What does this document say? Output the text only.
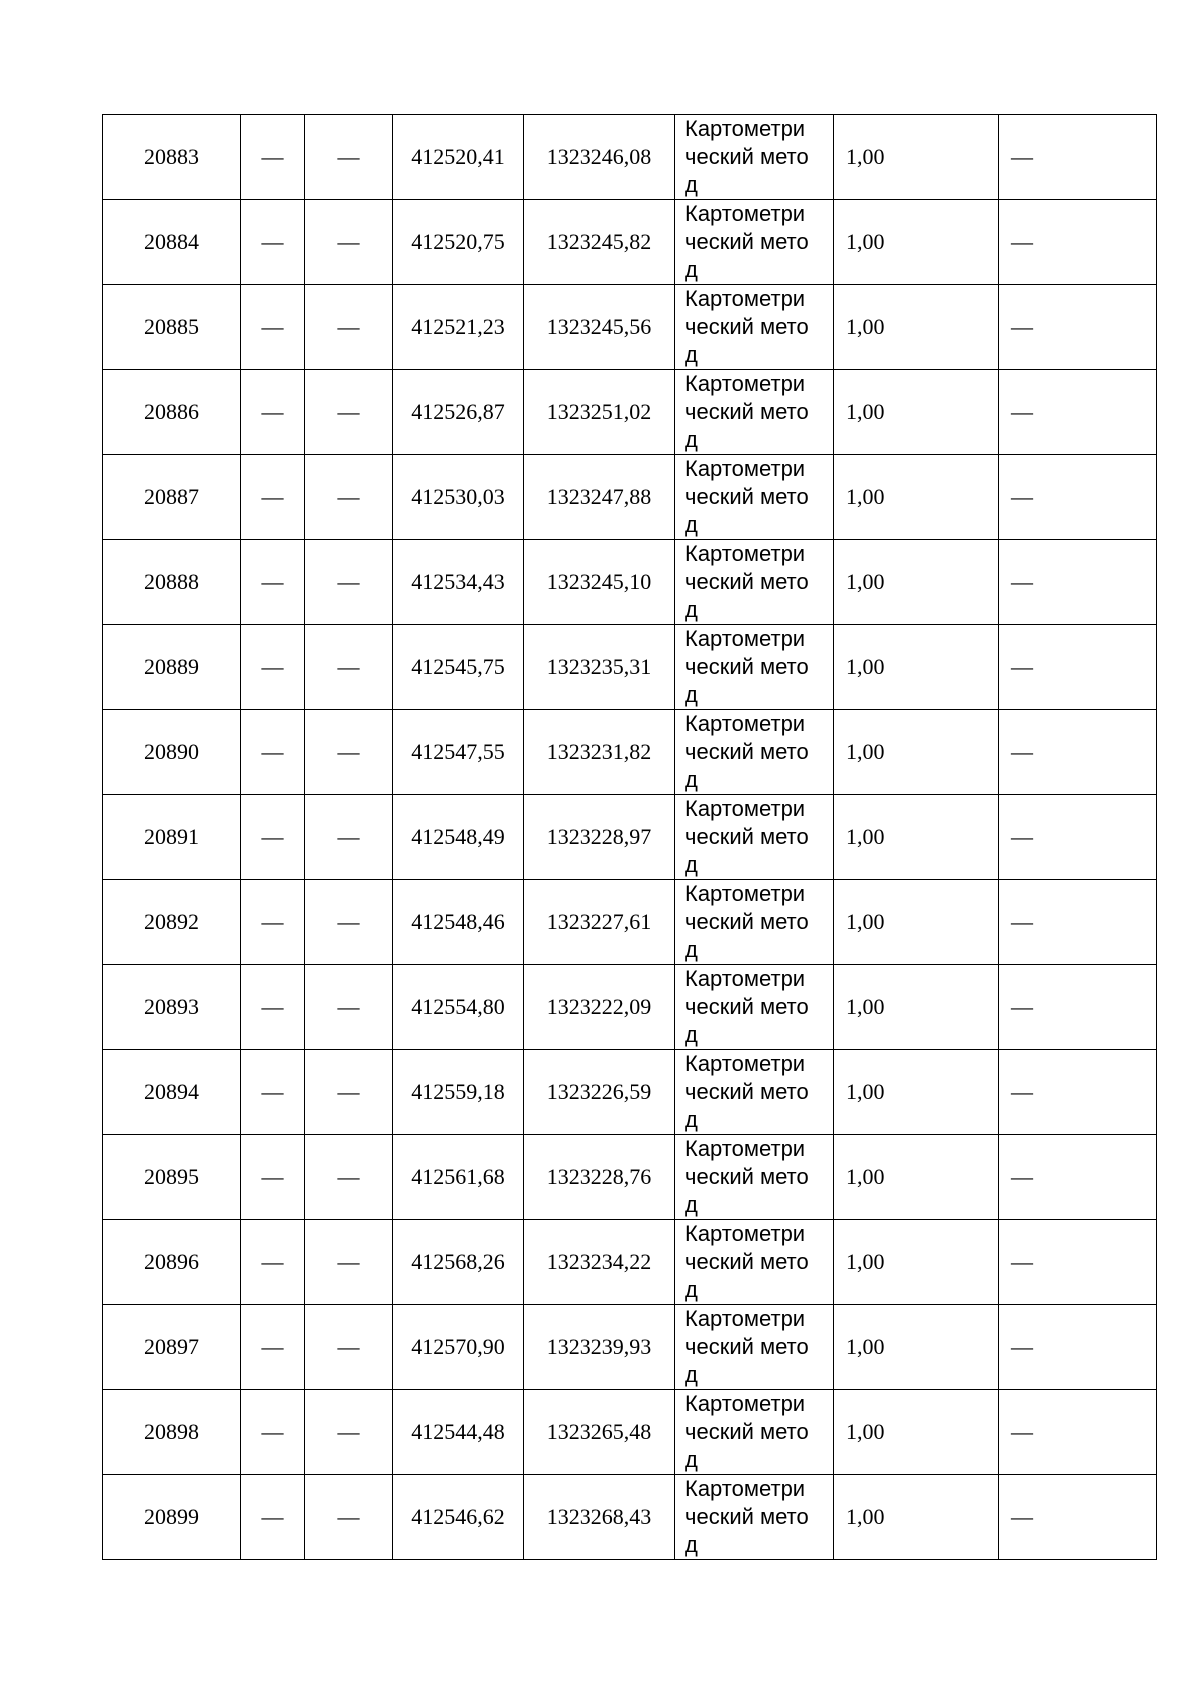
20883	—	—	412520,41	1323246,08	Картометрический метод	1,00	—
20884	—	—	412520,75	1323245,82	Картометрический метод	1,00	—
20885	—	—	412521,23	1323245,56	Картометрический метод	1,00	—
20886	—	—	412526,87	1323251,02	Картометрический метод	1,00	—
20887	—	—	412530,03	1323247,88	Картометрический метод	1,00	—
20888	—	—	412534,43	1323245,10	Картометрический метод	1,00	—
20889	—	—	412545,75	1323235,31	Картометрический метод	1,00	—
20890	—	—	412547,55	1323231,82	Картометрический метод	1,00	—
20891	—	—	412548,49	1323228,97	Картометрический метод	1,00	—
20892	—	—	412548,46	1323227,61	Картометрический метод	1,00	—
20893	—	—	412554,80	1323222,09	Картометрический метод	1,00	—
20894	—	—	412559,18	1323226,59	Картометрический метод	1,00	—
20895	—	—	412561,68	1323228,76	Картометрический метод	1,00	—
20896	—	—	412568,26	1323234,22	Картометрический метод	1,00	—
20897	—	—	412570,90	1323239,93	Картометрический метод	1,00	—
20898	—	—	412544,48	1323265,48	Картометрический метод	1,00	—
20899	—	—	412546,62	1323268,43	Картометрический метод	1,00	—
